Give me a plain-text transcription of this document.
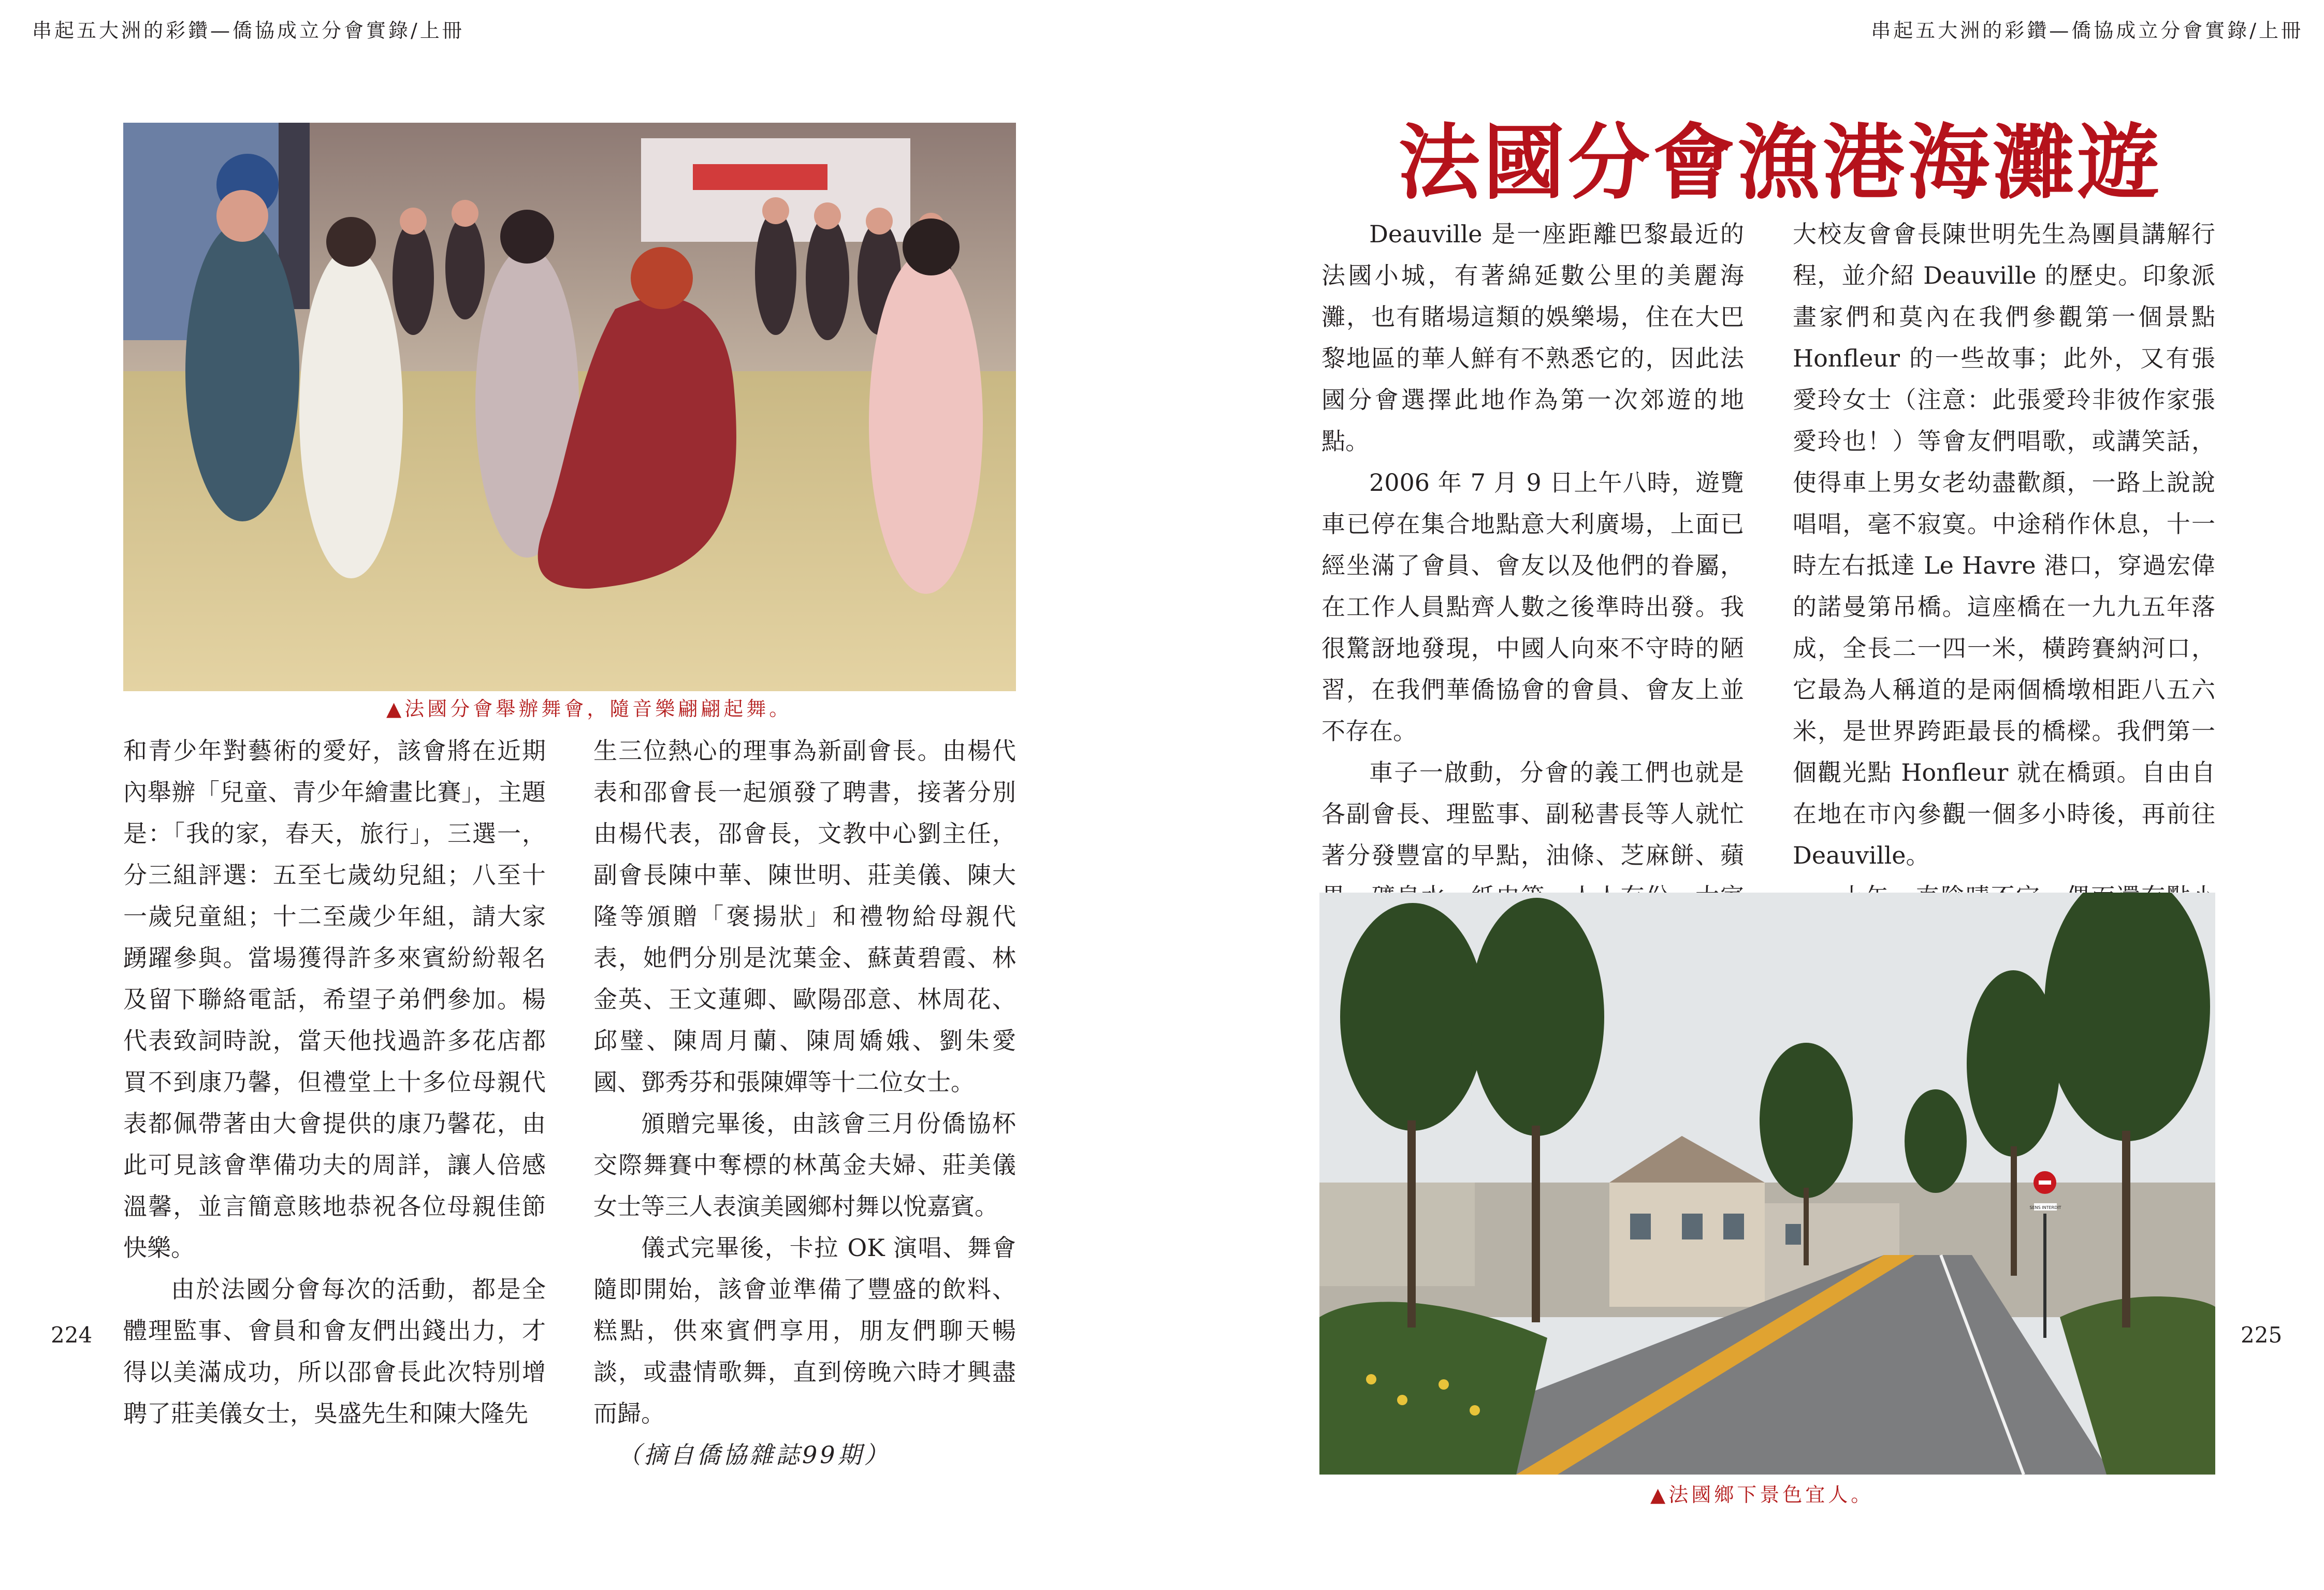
串起五大洲的彩鑽—僑協成立分會實錄/上冊	串起五大洲的彩鑽—僑協成立分會實錄/上冊
▲法國分會舉辦舞會，隨音樂翩翩起舞。

和青少年對藝術的愛好，該會將在近期內舉辦「兒童、青少年繪畫比賽」，主題是：「我的家，春天，旅行」，三選一，分三組評選：五至七歲幼兒組；八至十一歲兒童組；十二至歲少年組，請大家踴躍參與。當場獲得許多來賓紛紛報名及留下聯絡電話，希望子弟們參加。楊代表致詞時說，當天他找過許多花店都買不到康乃馨，但禮堂上十多位母親代表都佩帶著由大會提供的康乃馨花，由此可見該會準備功夫的周詳，讓人倍感溫馨，並言簡意賅地恭祝各位母親佳節快樂。

由於法國分會每次的活動，都是全體理監事、會員和會友們出錢出力，才得以美滿成功，所以邵會長此次特別增聘了莊美儀女士，吳盛先生和陳大隆先

生三位熱心的理事為新副會長。由楊代表和邵會長一起頒發了聘書，接著分別由楊代表，邵會長，文教中心劉主任，副會長陳中華、陳世明、莊美儀、陳大隆等頒贈「褒揚狀」和禮物給母親代表，她們分別是沈葉金、蘇黃碧霞、林金英、王文蓮卿、歐陽邵意、林周花、邱璧、陳周月蘭、陳周嬌娥、劉朱愛國、鄧秀芬和張陳嬋等十二位女士。

頒贈完畢後，由該會三月份僑協杯交際舞賽中奪標的林萬金夫婦、莊美儀女士等三人表演美國鄉村舞以悅嘉賓。

儀式完畢後，卡拉 OK 演唱、舞會隨即開始，該會並準備了豐盛的飲料、糕點，供來賓們享用，朋友們聊天暢談，或盡情歌舞，直到傍晚六時才興盡而歸。

（摘自僑協雜誌99期）

224
法國分會漁港海灘遊

Deauville 是一座距離巴黎最近的法國小城，有著綿延數公里的美麗海灘，也有賭場這類的娛樂場，住在大巴黎地區的華人鮮有不熟悉它的，因此法國分會選擇此地作為第一次郊遊的地點。

2006 年 7 月 9 日上午八時，遊覽車已停在集合地點意大利廣場，上面已經坐滿了會員、會友以及他們的眷屬，在工作人員點齊人數之後準時出發。我很驚訝地發現，中國人向來不守時的陋習，在我們華僑協會的會員、會友上並不存在。

車子一啟動，分會的義工們也就是各副會長、理監事、副秘書長等人就忙著分發豐富的早點，油條、芝麻餅、蘋

大校友會會長陳世明先生為團員講解行程，並介紹 Deauville 的歷史。印象派畫家們和莫內在我們參觀第一個景點 Honfleur 的一些故事；此外，又有張愛玲女士（注意：此張愛玲非彼作家張愛玲也！）等會友們唱歌，或講笑話，使得車上男女老幼盡歡顏，一路上說說唱唱，毫不寂寞。中途稍作休息，十一時左右抵達 Le Havre 港口，穿過宏偉的諾曼第吊橋。這座橋在一九九五年落成，全長二一四一米，橫跨賽納河口，它最為人稱道的是兩個橋墩相距八五六米，是世界跨距最長的橋樑。我們第一個觀光點 Honfleur 就在橋頭。自由自在地在市內參觀一個多小時後，再前往 Deauville。

SENS INTERDIT
▲法國鄉下景色宜人。
225
